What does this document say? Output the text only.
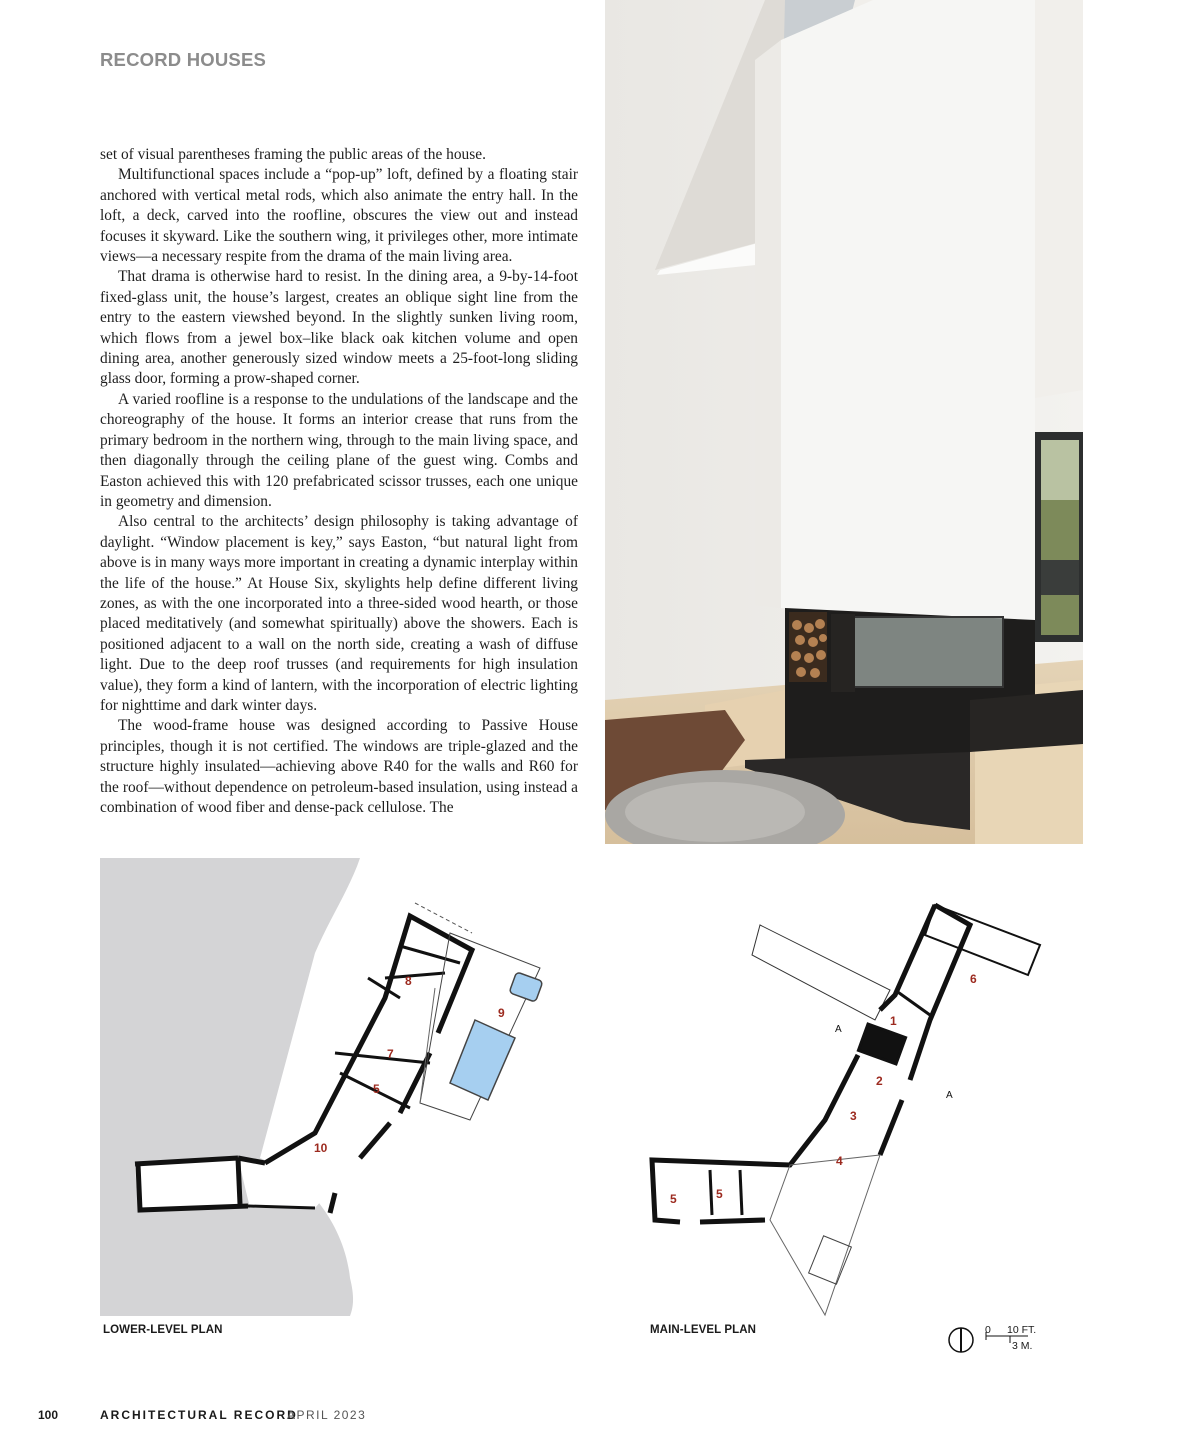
RECORD HOUSES

set of visual parentheses framing the public areas of the house.

Multifunctional spaces include a “pop-up” loft, defined by a floating stair anchored with vertical metal rods, which also animate the entry hall. In the loft, a deck, carved into the roofline, obscures the view out and instead focuses it skyward. Like the southern wing, it privileges other, more intimate views—a necessary respite from the drama of the main living area.

That drama is otherwise hard to resist. In the dining area, a 9-by-14-foot fixed-glass unit, the house’s largest, creates an oblique sight line from the entry to the eastern viewshed beyond. In the slightly sunken living room, which flows from a jewel box–like black oak kitchen volume and open dining area, another generously sized window meets a 25-foot-long sliding glass door, forming a prow-shaped corner.

A varied roofline is a response to the undulations of the landscape and the choreography of the house. It forms an interior crease that runs from the primary bedroom in the northern wing, through to the main living space, and then diagonally through the ceiling plane of the guest wing. Combs and Easton achieved this with 120 prefabricated scissor trusses, each one unique in geometry and dimension.

Also central to the architects’ design philosophy is taking advantage of daylight. “Window placement is key,” says Easton, “but natural light from above is in many ways more important in creating a dynamic interplay within the life of the house.” At House Six, skylights help define different living zones, as with the one incorporated into a three-sided wood hearth, or those placed meditatively (and somewhat spiritually) above the showers. Each is positioned adjacent to a wall on the north side, creating a wash of diffuse light. Due to the deep roof trusses (and requirements for high insulation value), they form a kind of lantern, with the incorporation of electric lighting for nighttime and dark winter days.

The wood-frame house was designed according to Passive House principles, though it is not certified. The windows are triple-glazed and the structure highly insulated—achieving above R40 for the walls and R60 for the roof—without dependence on petroleum-based insulation, using instead a combination of wood fiber and dense-pack cellulose. The

8
9
7
5
10
A
A
6
1
2
3
4
5	5

LOWER-LEVEL PLAN	MAIN-LEVEL PLAN	0 10 FT.

3 M.

100	ARCHITECTURAL RECORD

APRIL 2023
